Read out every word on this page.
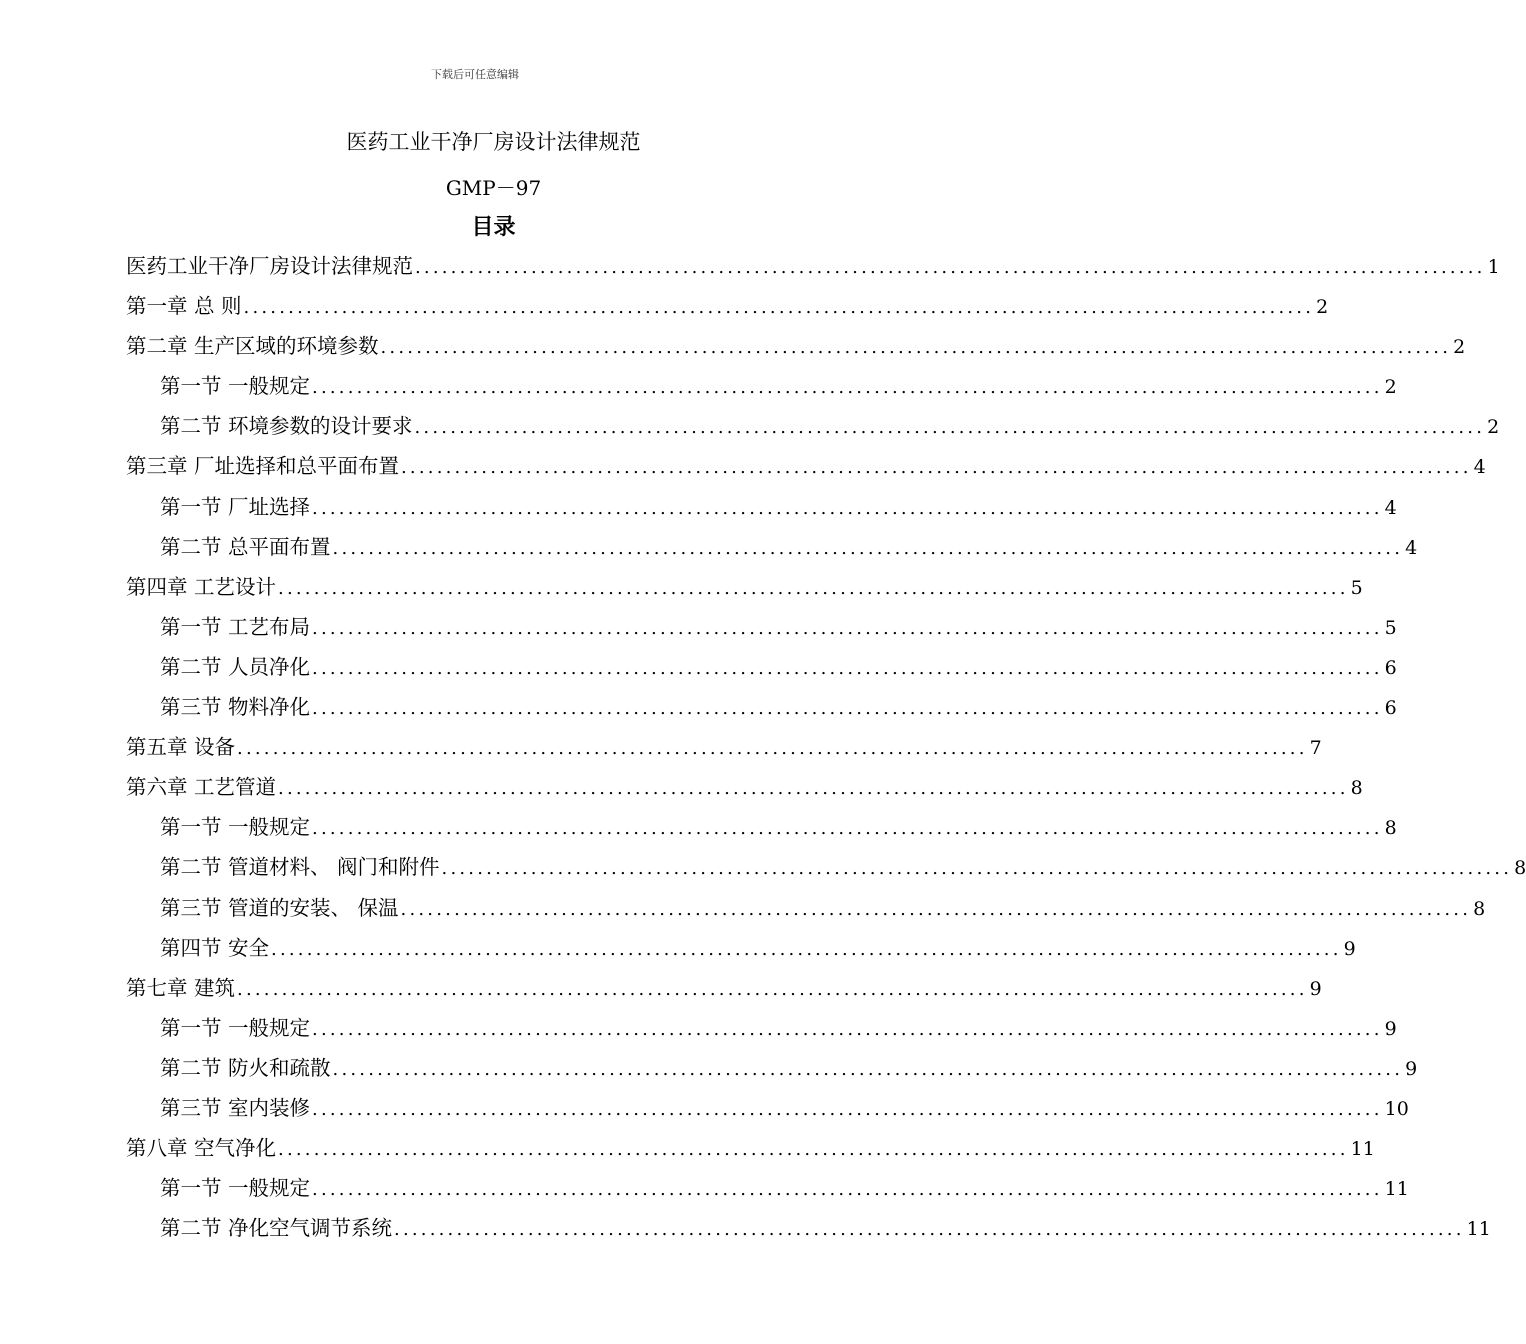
下载后可任意编辑
医药工业干净厂房设计法律规范
GMP－97
目录
医药工业干净厂房设计法律规范 ........................................................................................................................ 1
第一章 总 则 ........................................................................................................................ 2
第二章 生产区域的环境参数 ........................................................................................................................ 2
第一节 一般规定 ........................................................................................................................ 2
第二节 环境参数的设计要求 ........................................................................................................................ 2
第三章 厂址选择和总平面布置 ........................................................................................................................ 4
第一节 厂址选择 ........................................................................................................................ 4
第二节 总平面布置 ........................................................................................................................ 4
第四章 工艺设计 ........................................................................................................................ 5
第一节 工艺布局 ........................................................................................................................ 5
第二节 人员净化 ........................................................................................................................ 6
第三节 物料净化 ........................................................................................................................ 6
第五章 设备 ........................................................................................................................ 7
第六章 工艺管道 ........................................................................................................................ 8
第一节 一般规定 ........................................................................................................................ 8
第二节 管道材料、 阀门和附件 ........................................................................................................................ 8
第三节 管道的安装、 保温 ........................................................................................................................ 8
第四节 安全 ........................................................................................................................ 9
第七章 建筑 ........................................................................................................................ 9
第一节 一般规定 ........................................................................................................................ 9
第二节 防火和疏散 ........................................................................................................................ 9
第三节 室内装修 ........................................................................................................................ 10
第八章 空气净化 ........................................................................................................................ 11
第一节 一般规定 ........................................................................................................................ 11
第二节 净化空气调节系统 ........................................................................................................................ 11
